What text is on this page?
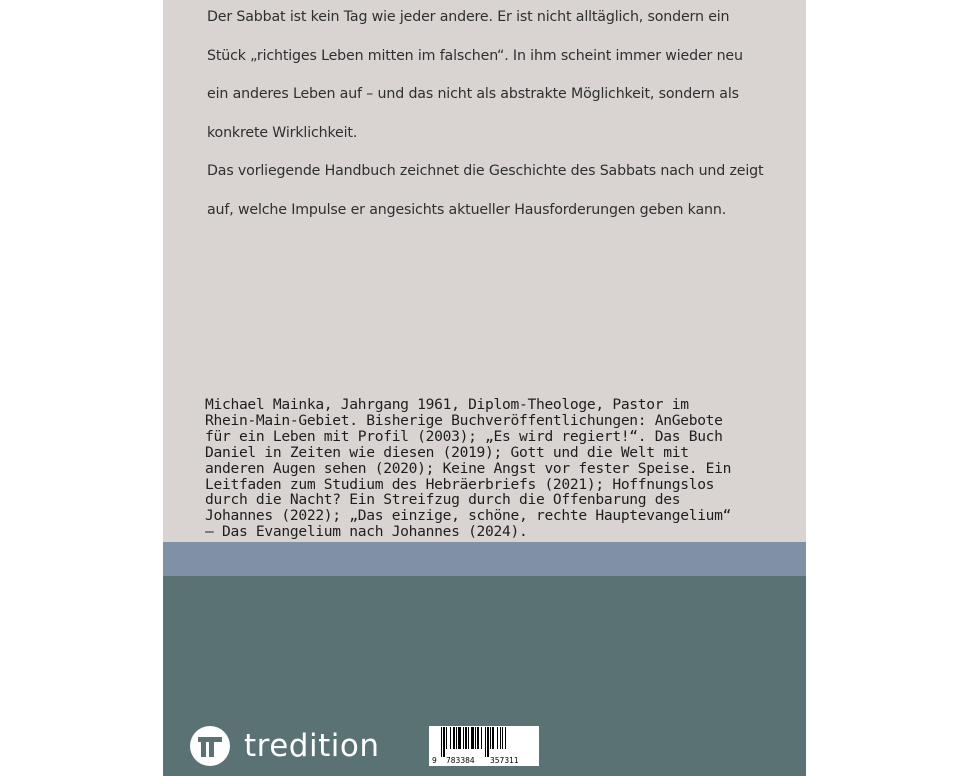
Der Sabbat ist kein Tag wie jeder andere. Er ist nicht alltäglich, sondern ein Stück „richtiges Leben mitten im falschen“. In ihm scheint immer wieder neu ein anderes Leben auf – und das nicht als abstrakte Möglichkeit, sondern als konkrete Wirklichkeit.

Das vorliegende Handbuch zeichnet die Geschichte des Sabbats nach und zeigt auf, welche Impulse er angesichts aktueller Hausforderungen geben kann.

Michael Mainka, Jahrgang 1961, Diplom-Theologe, Pastor im Rhein-Main-Gebiet. Bisherige Buchveröffentlichungen: AnGebote für ein Leben mit Profil (2003); „Es wird regiert!“. Das Buch Daniel in Zeiten wie diesen (2019); Gott und die Welt mit anderen Augen sehen (2020); Keine Angst vor fester Speise. Ein Leitfaden zum Studium des Hebräerbriefs (2021); Hoffnungslos durch die Nacht? Ein Streifzug durch die Offenbarung des Johannes (2022); „Das einzige, schöne, rechte Hauptevangelium“ – Das Evangelium nach Johannes (2024).
tredition	9 783384 357311
